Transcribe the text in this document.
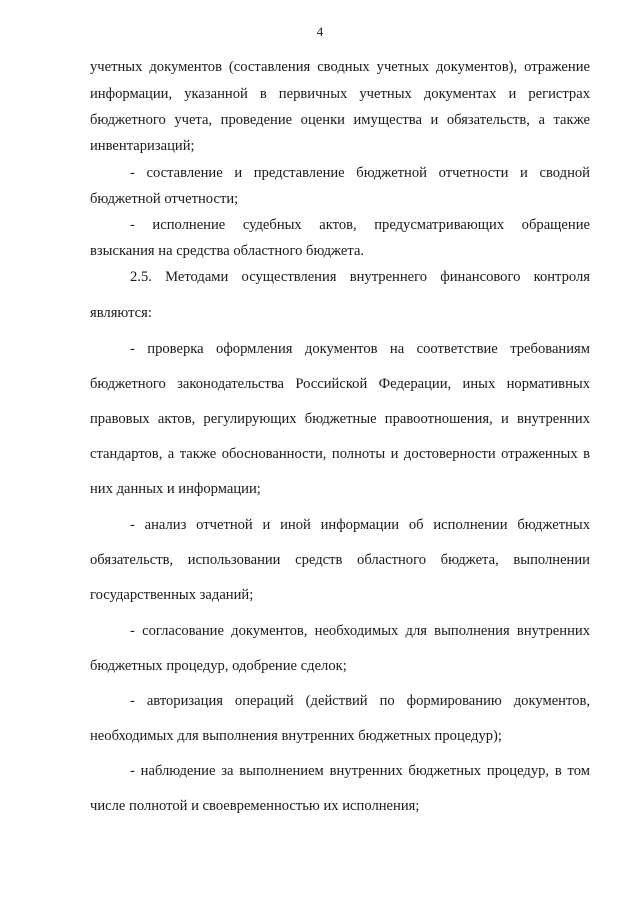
4
учетных документов (составления сводных учетных документов), отражение
информации, указанной в первичных учетных документах и регистрах
бюджетного учета, проведение оценки имущества и обязательств, а также
инвентаризаций;
- составление и представление бюджетной отчетности и сводной
бюджетной отчетности;
- исполнение судебных актов, предусматривающих обращение
взыскания на средства областного бюджета.
2.5. Методами осуществления внутреннего финансового контроля
являются:
- проверка оформления документов на соответствие требованиям
бюджетного законодательства Российской Федерации, иных нормативных
правовых актов, регулирующих бюджетные правоотношения, и внутренних
стандартов, а также обоснованности, полноты и достоверности отраженных в
них данных и информации;
- анализ отчетной и иной информации об исполнении бюджетных
обязательств, использовании средств областного бюджета, выполнении
государственных заданий;
- согласование документов, необходимых для выполнения внутренних
бюджетных процедур, одобрение сделок;
- авторизация операций (действий по формированию документов,
необходимых для выполнения внутренних бюджетных процедур);
- наблюдение за выполнением внутренних бюджетных процедур, в том
числе полнотой и своевременностью их исполнения;
